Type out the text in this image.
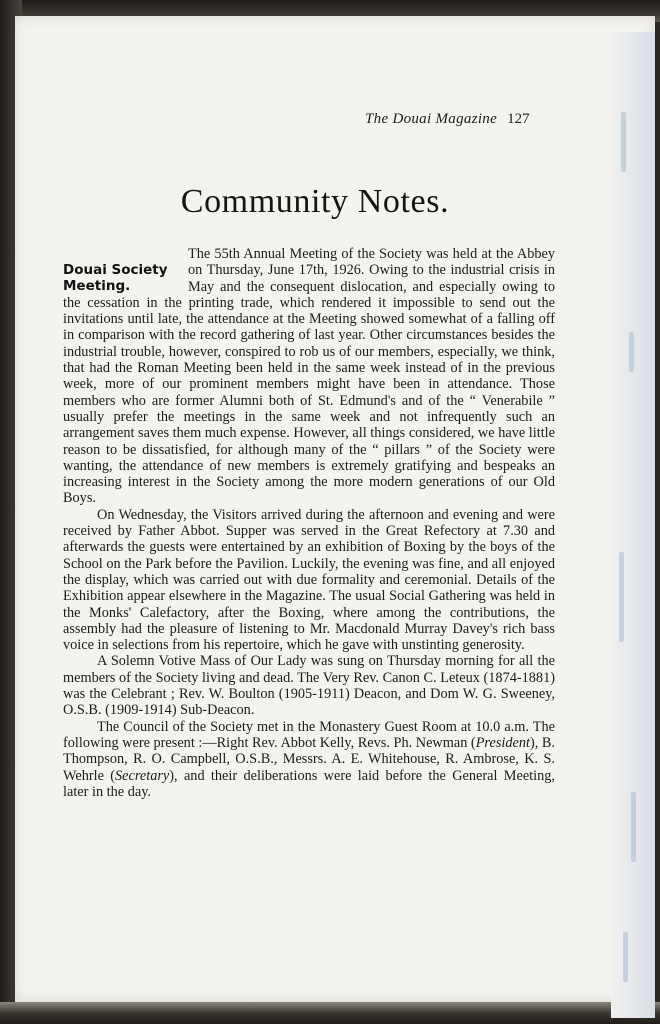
The Douai Magazine 127
Community Notes.
Douai Society
Meeting.

The 55th Annual Meeting of the Society was held at the Abbey on Thursday, June 17th, 1926. Owing to the industrial crisis in May and the consequent dislocation, and especially owing to the cessation in the printing trade, which rendered it impossible to send out the invitations until late, the attendance at the Meeting showed somewhat of a falling off in comparison with the record gathering of last year. Other circumstances besides the industrial trouble, however, conspired to rob us of our members, especially, we think, that had the Roman Meeting been held in the same week instead of in the previous week, more of our prominent members might have been in attendance. Those members who are former Alumni both of St. Edmund's and of the “ Venerabile ” usually prefer the meetings in the same week and not infrequently such an arrangement saves them much expense. However, all things considered, we have little reason to be dissatisfied, for although many of the “ pillars ” of the Society were wanting, the attendance of new members is extremely gratifying and bespeaks an increasing interest in the Society among the more modern generations of our Old Boys.

On Wednesday, the Visitors arrived during the afternoon and evening and were received by Father Abbot. Supper was served in the Great Refectory at 7.30 and afterwards the guests were entertained by an exhibition of Boxing by the boys of the School on the Park before the Pavilion. Luckily, the evening was fine, and all enjoyed the display, which was carried out with due formality and ceremonial. Details of the Exhibition appear elsewhere in the Magazine. The usual Social Gathering was held in the Monks' Calefactory, after the Boxing, where among the contributions, the assembly had the pleasure of listening to Mr. Macdonald Murray Davey's rich bass voice in selections from his repertoire, which he gave with unstinting generosity.

A Solemn Votive Mass of Our Lady was sung on Thursday morning for all the members of the Society living and dead. The Very Rev. Canon C. Leteux (1874-1881) was the Celebrant ; Rev. W. Boulton (1905-1911) Deacon, and Dom W. G. Sweeney, O.S.B. (1909-1914) Sub-Deacon.

The Council of the Society met in the Monastery Guest Room at 10.0 a.m. The following were present :—Right Rev. Abbot Kelly, Revs. Ph. Newman (President), B. Thompson, R. O. Campbell, O.S.B., Messrs. A. E. Whitehouse, R. Ambrose, K. S. Wehrle (Secretary), and their deliberations were laid before the General Meeting, later in the day.
